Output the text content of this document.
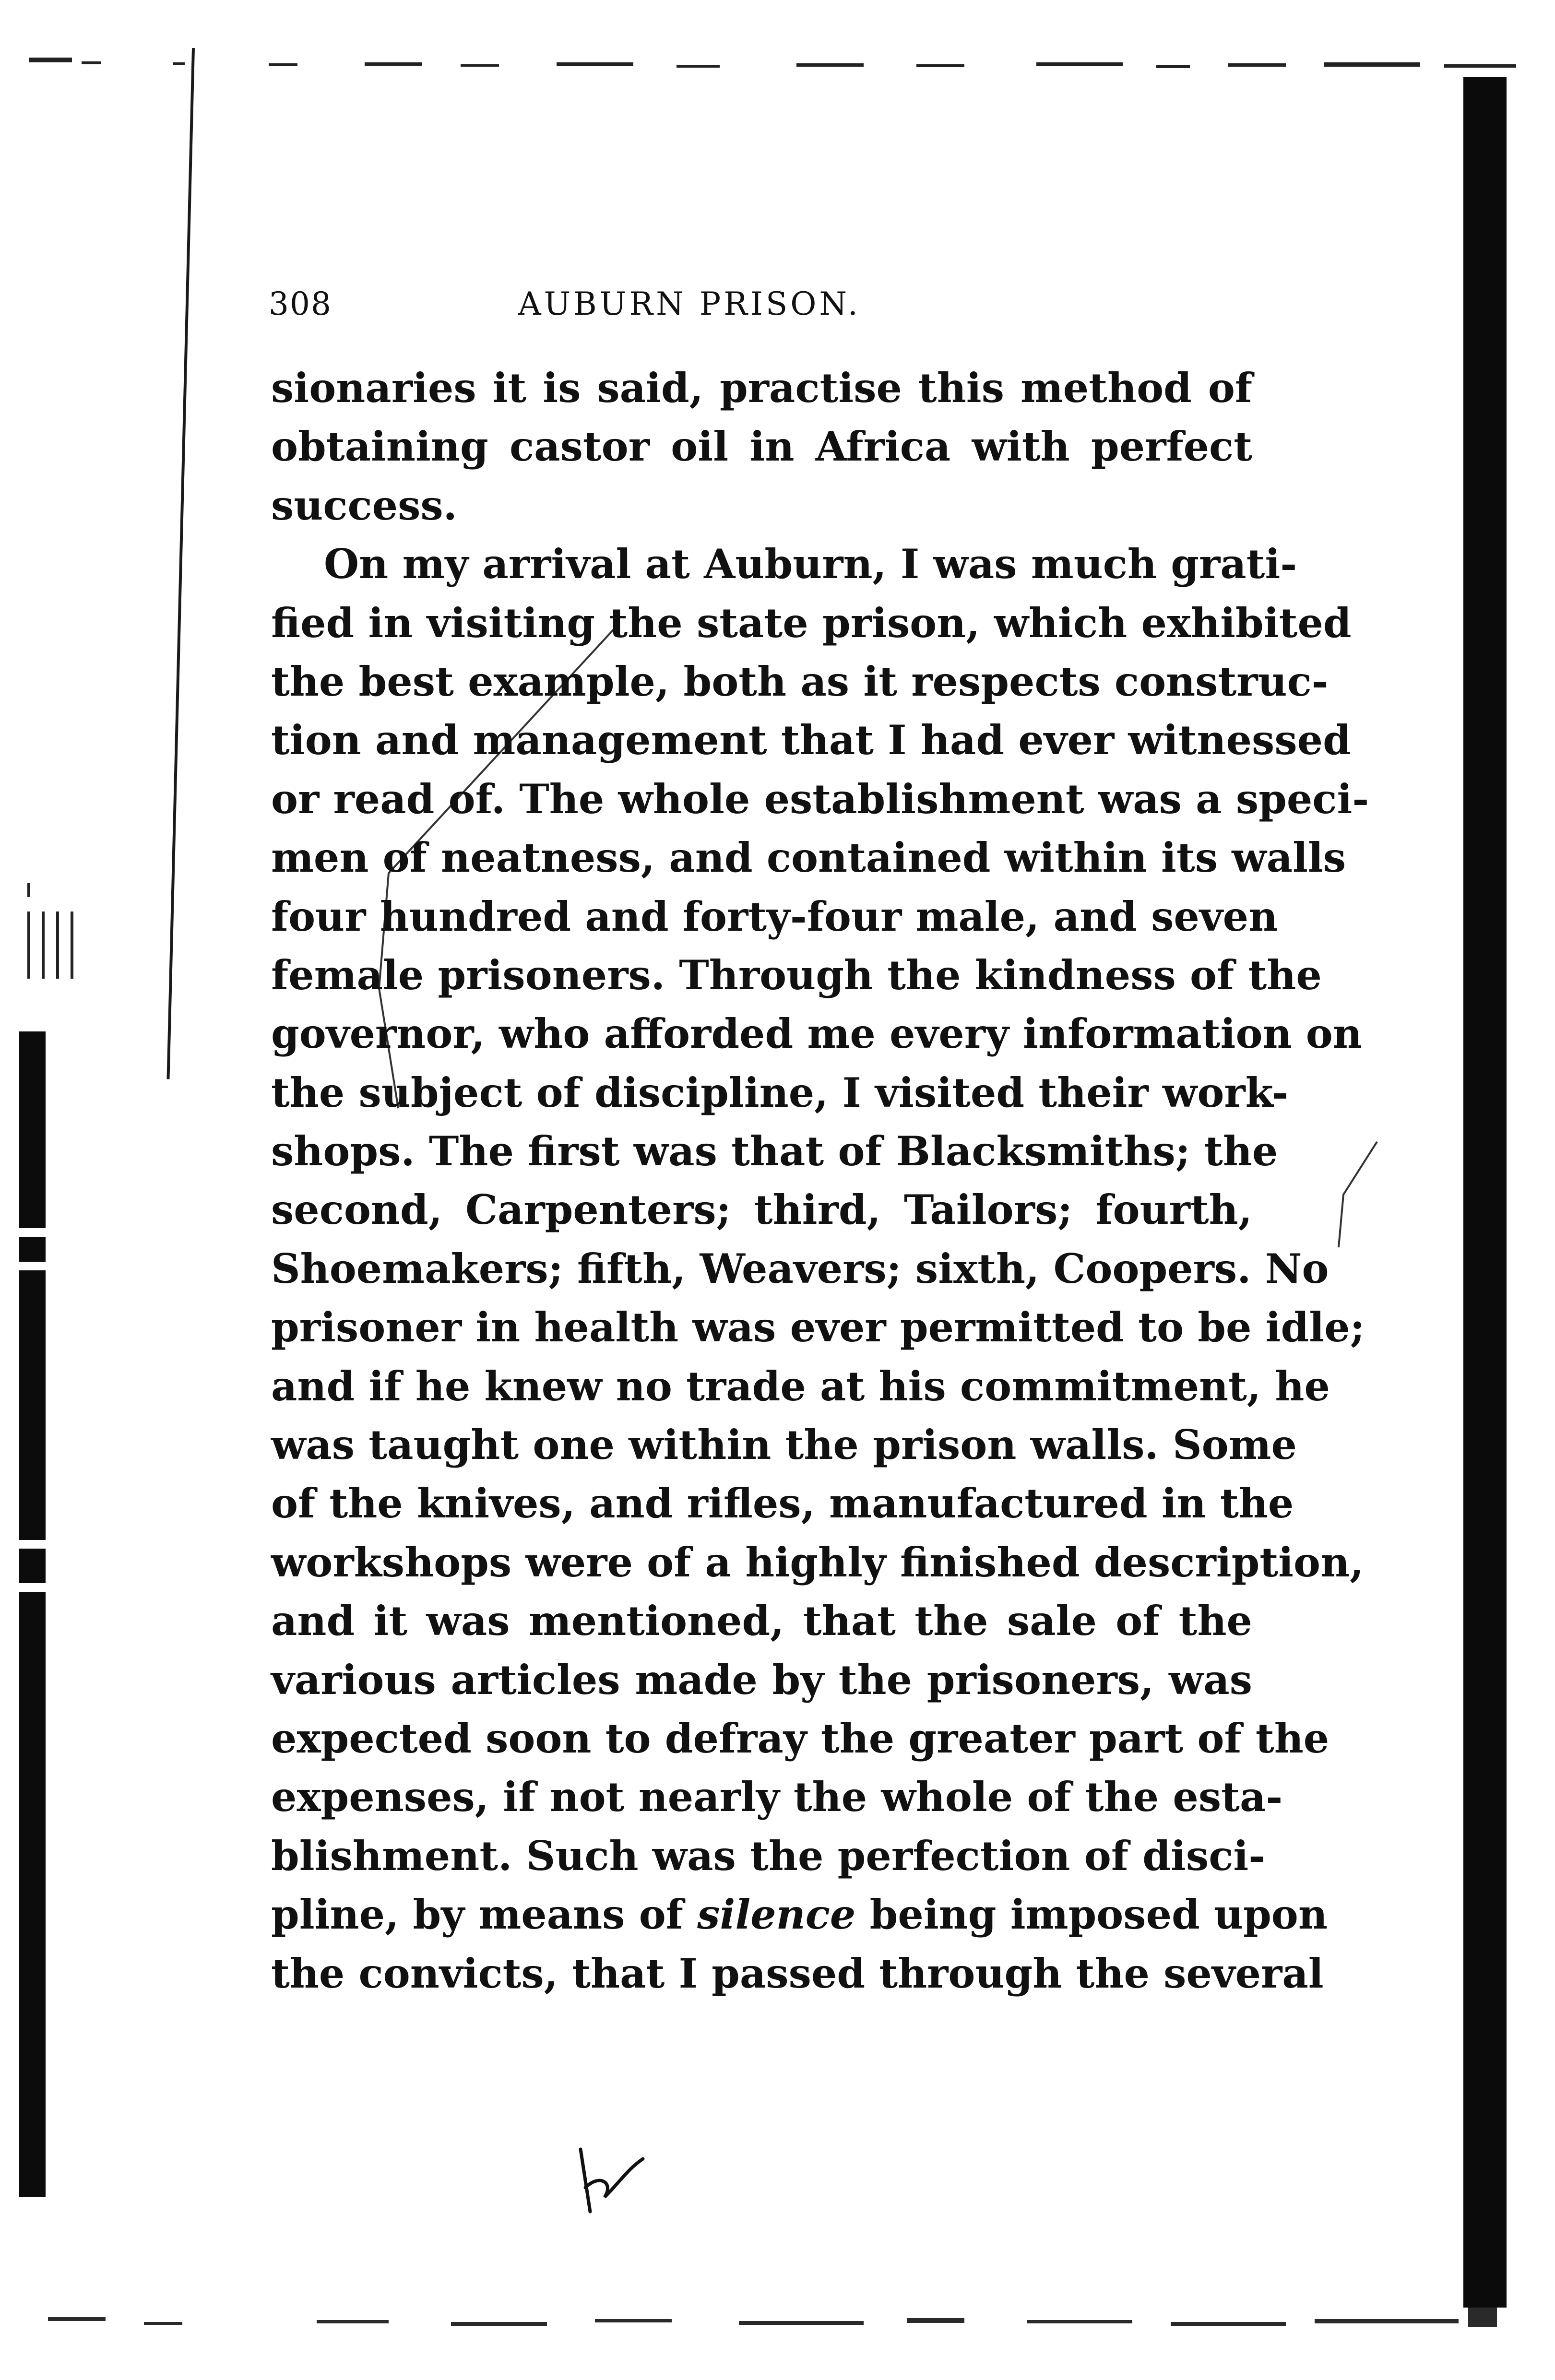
308	AUBURN PRISON.
sionaries it is said, practise this method of
obtaining castor oil in Africa with perfect
success.
On my arrival at Auburn, I was much grati-
fied in visiting the state prison, which exhibited
the best example, both as it respects construc-
tion and management that I had ever witnessed
or read of. The whole establishment was a speci-
men of neatness, and contained within its walls
four hundred and forty-four male, and seven
female prisoners. Through the kindness of the
governor, who afforded me every information on
the subject of discipline, I visited their work-
shops. The first was that of Blacksmiths; the
second, Carpenters; third, Tailors; fourth,
Shoemakers; fifth, Weavers; sixth, Coopers. No
prisoner in health was ever permitted to be idle;
and if he knew no trade at his commitment, he
was taught one within the prison walls. Some
of the knives, and rifles, manufactured in the
workshops were of a highly finished description,
and it was mentioned, that the sale of the
various articles made by the prisoners, was
expected soon to defray the greater part of the
expenses, if not nearly the whole of the esta-
blishment. Such was the perfection of disci-
pline, by means of silence being imposed upon
the convicts, that I passed through the several
